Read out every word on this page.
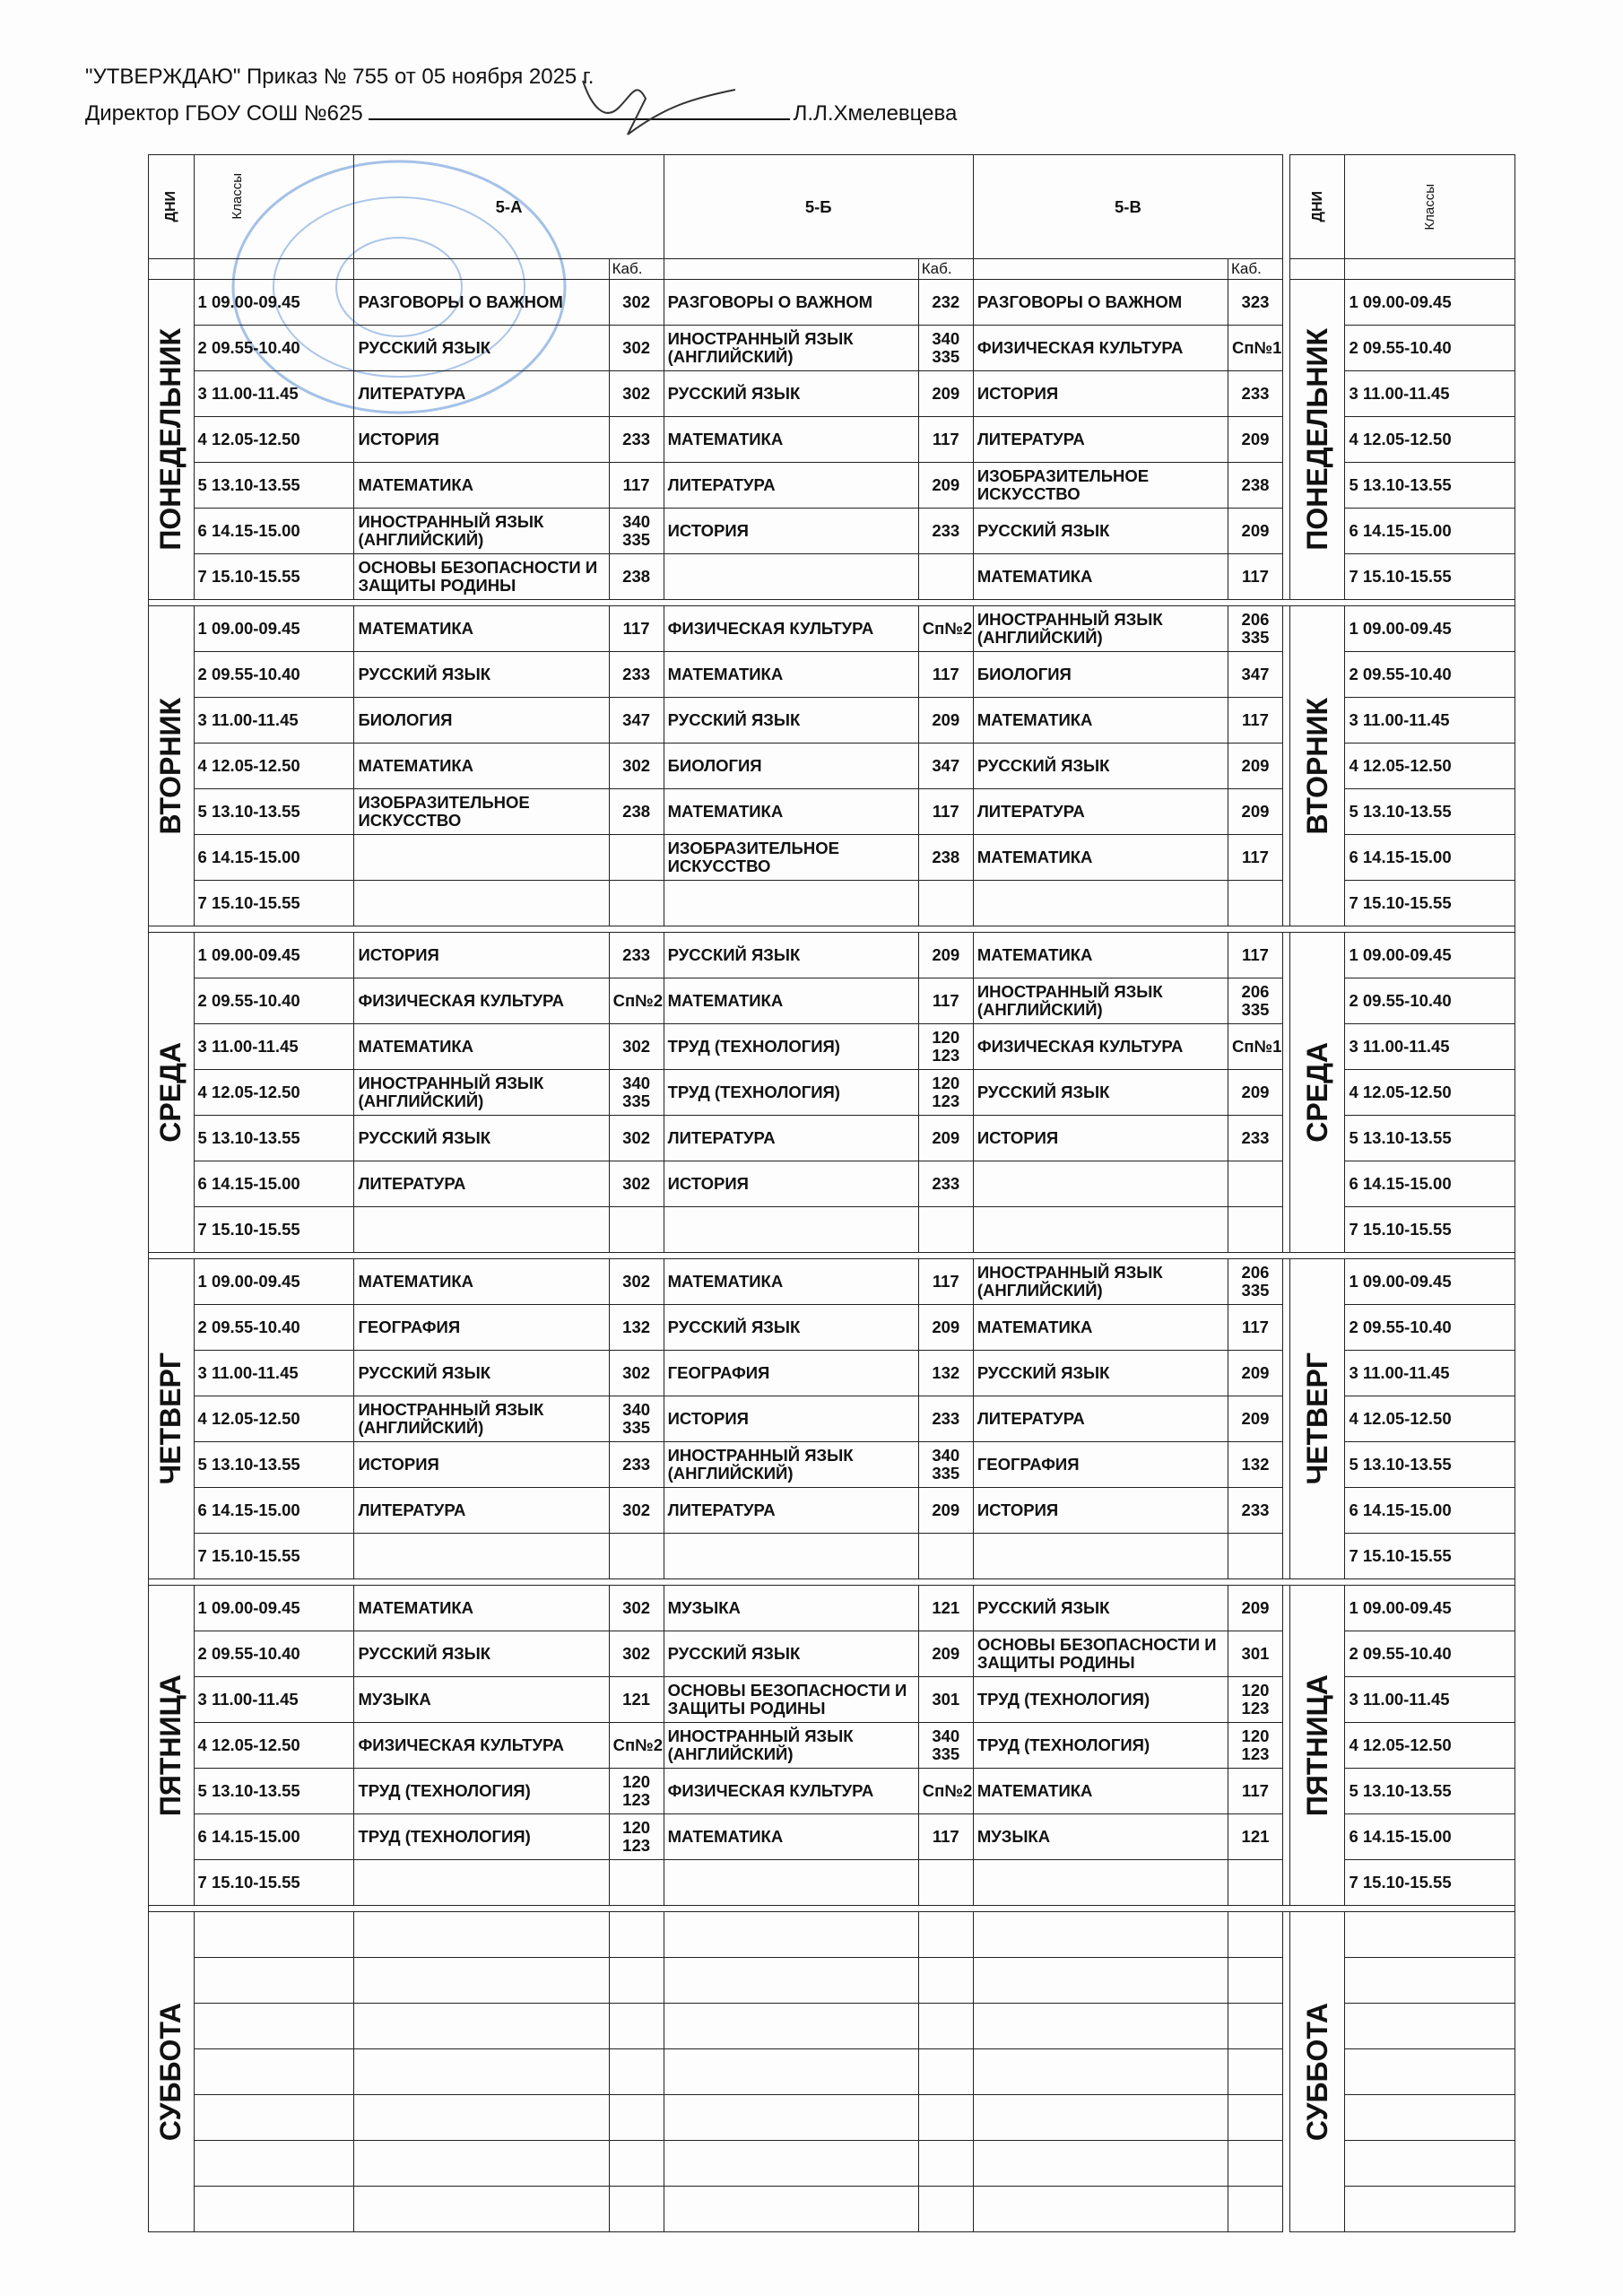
"УТВЕРЖДАЮ" Приказ № 755 от 05 ноября 2025 г.
Директор ГБОУ СОШ №625	Л.Л.Хмелевцева
ДНИ	Классы	5-А		5-Б		5-В			ДНИ	Классы

			Каб.		Каб.		Каб.			

ПОНЕДЕЛЬНИК	1 09.00-09.45	РАЗГОВОРЫ О ВАЖНОМ	302	РАЗГОВОРЫ О ВАЖНОМ	232	РАЗГОВОРЫ О ВАЖНОМ	323		ПОНЕДЕЛЬНИК	1 09.00-09.45
	2 09.55-10.40	РУССКИЙ ЯЗЫК	302	ИНОСТРАННЫЙ ЯЗЫК (АНГЛИЙСКИЙ)	340 335	ФИЗИЧЕСКАЯ КУЛЬТУРА	Сп№1			2 09.55-10.40
	3 11.00-11.45	ЛИТЕРАТУРА	302	РУССКИЙ ЯЗЫК	209	ИСТОРИЯ	233			3 11.00-11.45
	4 12.05-12.50	ИСТОРИЯ	233	МАТЕМАТИКА	117	ЛИТЕРАТУРА	209			4 12.05-12.50
	5 13.10-13.55	МАТЕМАТИКА	117	ЛИТЕРАТУРА	209	ИЗОБРАЗИТЕЛЬНОЕ ИСКУССТВО	238			5 13.10-13.55
	6 14.15-15.00	ИНОСТРАННЫЙ ЯЗЫК (АНГЛИЙСКИЙ)	340 335	ИСТОРИЯ	233	РУССКИЙ ЯЗЫК	209			6 14.15-15.00
	7 15.10-15.55	ОСНОВЫ БЕЗОПАСНОСТИ И ЗАЩИТЫ РОДИНЫ	238			МАТЕМАТИКА	117			7 15.10-15.55

ВТОРНИК	1 09.00-09.45	МАТЕМАТИКА	117	ФИЗИЧЕСКАЯ КУЛЬТУРА	Сп№2	ИНОСТРАННЫЙ ЯЗЫК (АНГЛИЙСКИЙ)	206 335		ВТОРНИК	1 09.00-09.45
	2 09.55-10.40	РУССКИЙ ЯЗЫК	233	МАТЕМАТИКА	117	БИОЛОГИЯ	347			2 09.55-10.40
	3 11.00-11.45	БИОЛОГИЯ	347	РУССКИЙ ЯЗЫК	209	МАТЕМАТИКА	117			3 11.00-11.45
	4 12.05-12.50	МАТЕМАТИКА	302	БИОЛОГИЯ	347	РУССКИЙ ЯЗЫК	209			4 12.05-12.50
	5 13.10-13.55	ИЗОБРАЗИТЕЛЬНОЕ ИСКУССТВО	238	МАТЕМАТИКА	117	ЛИТЕРАТУРА	209			5 13.10-13.55
	6 14.15-15.00			ИЗОБРАЗИТЕЛЬНОЕ ИСКУССТВО	238	МАТЕМАТИКА	117			6 14.15-15.00
	7 15.10-15.55									7 15.10-15.55

СРЕДА	1 09.00-09.45	ИСТОРИЯ	233	РУССКИЙ ЯЗЫК	209	МАТЕМАТИКА	117		СРЕДА	1 09.00-09.45
	2 09.55-10.40	ФИЗИЧЕСКАЯ КУЛЬТУРА	Сп№2	МАТЕМАТИКА	117	ИНОСТРАННЫЙ ЯЗЫК (АНГЛИЙСКИЙ)	206 335			2 09.55-10.40
	3 11.00-11.45	МАТЕМАТИКА	302	ТРУД (ТЕХНОЛОГИЯ)	120 123	ФИЗИЧЕСКАЯ КУЛЬТУРА	Сп№1			3 11.00-11.45
	4 12.05-12.50	ИНОСТРАННЫЙ ЯЗЫК (АНГЛИЙСКИЙ)	340 335	ТРУД (ТЕХНОЛОГИЯ)	120 123	РУССКИЙ ЯЗЫК	209			4 12.05-12.50
	5 13.10-13.55	РУССКИЙ ЯЗЫК	302	ЛИТЕРАТУРА	209	ИСТОРИЯ	233			5 13.10-13.55
	6 14.15-15.00	ЛИТЕРАТУРА	302	ИСТОРИЯ	233					6 14.15-15.00
	7 15.10-15.55									7 15.10-15.55

ЧЕТВЕРГ	1 09.00-09.45	МАТЕМАТИКА	302	МАТЕМАТИКА	117	ИНОСТРАННЫЙ ЯЗЫК (АНГЛИЙСКИЙ)	206 335		ЧЕТВЕРГ	1 09.00-09.45
	2 09.55-10.40	ГЕОГРАФИЯ	132	РУССКИЙ ЯЗЫК	209	МАТЕМАТИКА	117			2 09.55-10.40
	3 11.00-11.45	РУССКИЙ ЯЗЫК	302	ГЕОГРАФИЯ	132	РУССКИЙ ЯЗЫК	209			3 11.00-11.45
	4 12.05-12.50	ИНОСТРАННЫЙ ЯЗЫК (АНГЛИЙСКИЙ)	340 335	ИСТОРИЯ	233	ЛИТЕРАТУРА	209			4 12.05-12.50
	5 13.10-13.55	ИСТОРИЯ	233	ИНОСТРАННЫЙ ЯЗЫК (АНГЛИЙСКИЙ)	340 335	ГЕОГРАФИЯ	132			5 13.10-13.55
	6 14.15-15.00	ЛИТЕРАТУРА	302	ЛИТЕРАТУРА	209	ИСТОРИЯ	233			6 14.15-15.00
	7 15.10-15.55									7 15.10-15.55

ПЯТНИЦА	1 09.00-09.45	МАТЕМАТИКА	302	МУЗЫКА	121	РУССКИЙ ЯЗЫК	209		ПЯТНИЦА	1 09.00-09.45
	2 09.55-10.40	РУССКИЙ ЯЗЫК	302	РУССКИЙ ЯЗЫК	209	ОСНОВЫ БЕЗОПАСНОСТИ И ЗАЩИТЫ РОДИНЫ	301			2 09.55-10.40
	3 11.00-11.45	МУЗЫКА	121	ОСНОВЫ БЕЗОПАСНОСТИ И ЗАЩИТЫ РОДИНЫ	301	ТРУД (ТЕХНОЛОГИЯ)	120 123			3 11.00-11.45
	4 12.05-12.50	ФИЗИЧЕСКАЯ КУЛЬТУРА	Сп№2	ИНОСТРАННЫЙ ЯЗЫК (АНГЛИЙСКИЙ)	340 335	ТРУД (ТЕХНОЛОГИЯ)	120 123			4 12.05-12.50
	5 13.10-13.55	ТРУД (ТЕХНОЛОГИЯ)	120 123	ФИЗИЧЕСКАЯ КУЛЬТУРА	Сп№2	МАТЕМАТИКА	117			5 13.10-13.55
	6 14.15-15.00	ТРУД (ТЕХНОЛОГИЯ)	120 123	МАТЕМАТИКА	117	МУЗЫКА	121			6 14.15-15.00
	7 15.10-15.55									7 15.10-15.55

СУББОТА									СУББОТА	
